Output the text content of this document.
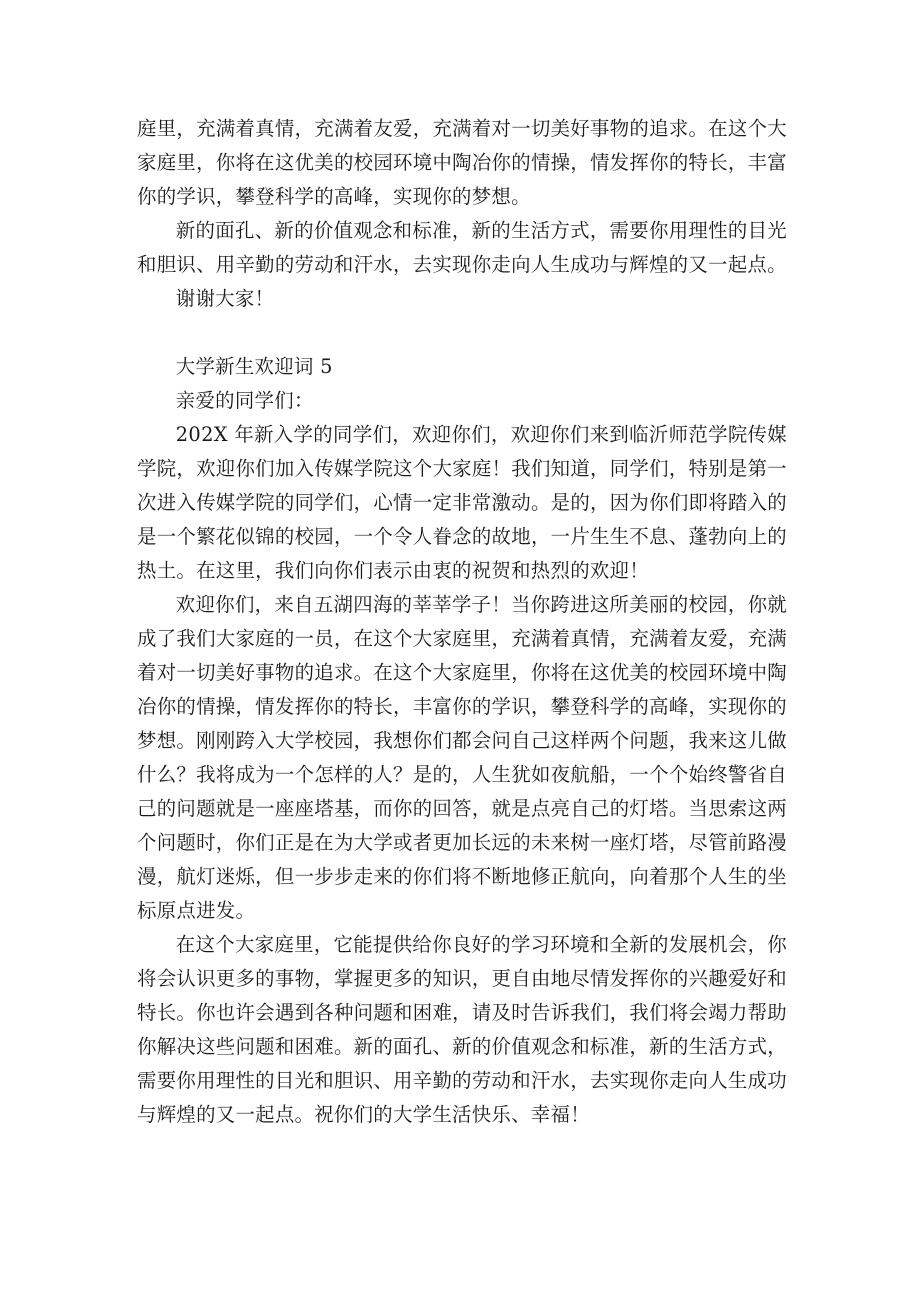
庭里，充满着真情，充满着友爱，充满着对一切美好事物的追求。在这个大家庭里，你将在这优美的校园环境中陶冶你的情操，情发挥你的特长，丰富你的学识，攀登科学的高峰，实现你的梦想。

新的面孔、新的价值观念和标准，新的生活方式，需要你用理性的目光和胆识、用辛勤的劳动和汗水，去实现你走向人生成功与辉煌的又一起点。

谢谢大家！

大学新生欢迎词 5

亲爱的同学们：

202X 年新入学的同学们，欢迎你们，欢迎你们来到临沂师范学院传媒学院，欢迎你们加入传媒学院这个大家庭！我们知道，同学们，特别是第一次进入传媒学院的同学们，心情一定非常激动。是的，因为你们即将踏入的是一个繁花似锦的校园，一个令人眷念的故地，一片生生不息、蓬勃向上的热土。在这里，我们向你们表示由衷的祝贺和热烈的欢迎！

欢迎你们，来自五湖四海的莘莘学子！当你跨进这所美丽的校园，你就成了我们大家庭的一员，在这个大家庭里，充满着真情，充满着友爱，充满着对一切美好事物的追求。在这个大家庭里，你将在这优美的校园环境中陶冶你的情操，情发挥你的特长，丰富你的学识，攀登科学的高峰，实现你的梦想。刚刚跨入大学校园，我想你们都会问自己这样两个问题，我来这儿做什么？我将成为一个怎样的人？是的，人生犹如夜航船，一个个始终警省自己的问题就是一座座塔基，而你的回答，就是点亮自己的灯塔。当思索这两个问题时，你们正是在为大学或者更加长远的未来树一座灯塔，尽管前路漫漫，航灯迷烁，但一步步走来的你们将不断地修正航向，向着那个人生的坐标原点进发。

在这个大家庭里，它能提供给你良好的学习环境和全新的发展机会，你将会认识更多的事物，掌握更多的知识，更自由地尽情发挥你的兴趣爱好和特长。你也许会遇到各种问题和困难，请及时告诉我们，我们将会竭力帮助你解决这些问题和困难。新的面孔、新的价值观念和标准，新的生活方式，需要你用理性的目光和胆识、用辛勤的劳动和汗水，去实现你走向人生成功与辉煌的又一起点。祝你们的大学生活快乐、幸福！
